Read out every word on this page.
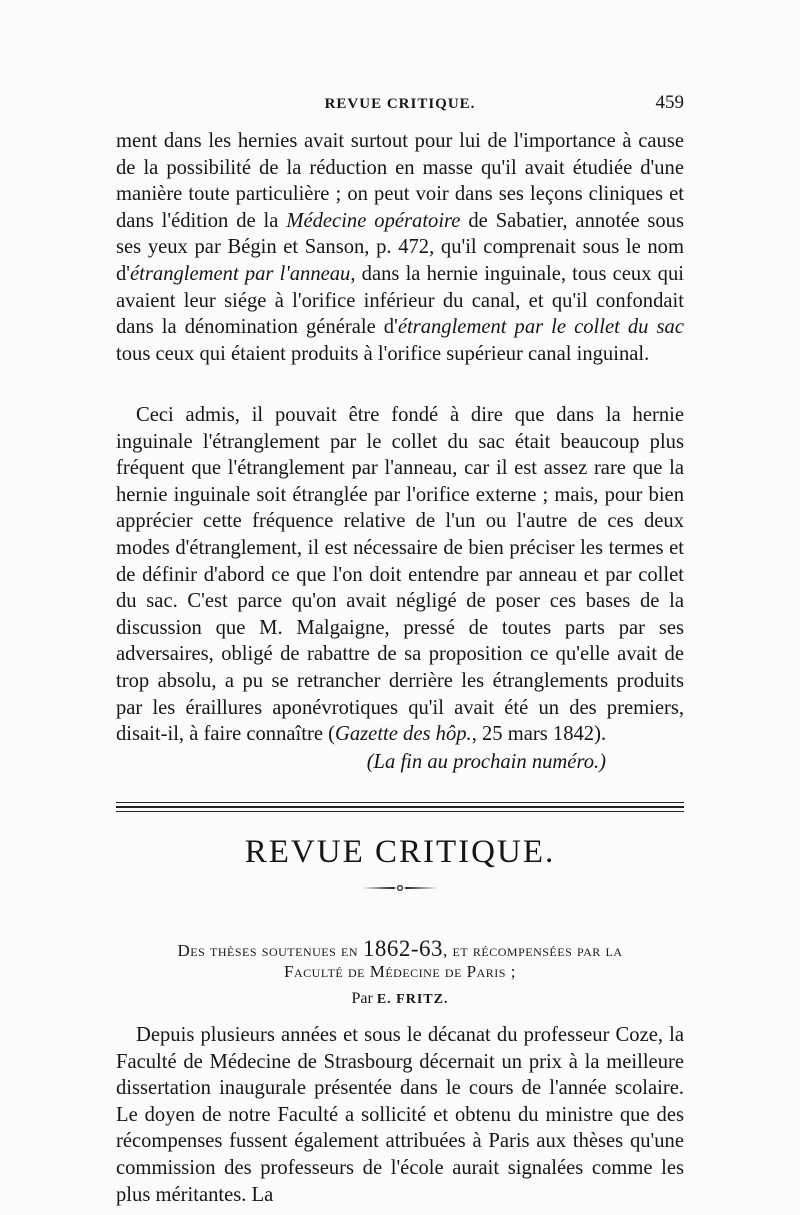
REVUE CRITIQUE.	459

ment dans les hernies avait surtout pour lui de l'importance à cause de la possibilité de la réduction en masse qu'il avait étudiée d'une manière toute particulière ; on peut voir dans ses leçons cliniques et dans l'édition de la Médecine opératoire de Sabatier, annotée sous ses yeux par Bégin et Sanson, p. 472, qu'il comprenait sous le nom d'étranglement par l'anneau, dans la hernie inguinale, tous ceux qui avaient leur siége à l'orifice inférieur du canal, et qu'il confondait dans la dénomination générale d'étranglement par le collet du sac tous ceux qui étaient produits à l'orifice supérieur canal inguinal.

Ceci admis, il pouvait être fondé à dire que dans la hernie inguinale l'étranglement par le collet du sac était beaucoup plus fréquent que l'étranglement par l'anneau, car il est assez rare que la hernie inguinale soit étranglée par l'orifice externe ; mais, pour bien apprécier cette fréquence relative de l'un ou l'autre de ces deux modes d'étranglement, il est nécessaire de bien préciser les termes et de définir d'abord ce que l'on doit entendre par anneau et par collet du sac. C'est parce qu'on avait négligé de poser ces bases de la discussion que M. Malgaigne, pressé de toutes parts par ses adversaires, obligé de rabattre de sa proposition ce qu'elle avait de trop absolu, a pu se retrancher derrière les étranglements produits par les éraillures aponévrotiques qu'il avait été un des premiers, disait-il, à faire connaître (Gazette des hôp., 25 mars 1842).

(La fin au prochain numéro.)
REVUE CRITIQUE.
Des thèses soutenues en 1862-63, et récompensées par la
Faculté de Médecine de Paris ;
Par E. FRITZ.

Depuis plusieurs années et sous le décanat du professeur Coze, la Faculté de Médecine de Strasbourg décernait un prix à la meilleure dissertation inaugurale présentée dans le cours de l'année scolaire. Le doyen de notre Faculté a sollicité et obtenu du ministre que des récompenses fussent également attribuées à Paris aux thèses qu'une commission des professeurs de l'école aurait signalées comme les plus méritantes. La
